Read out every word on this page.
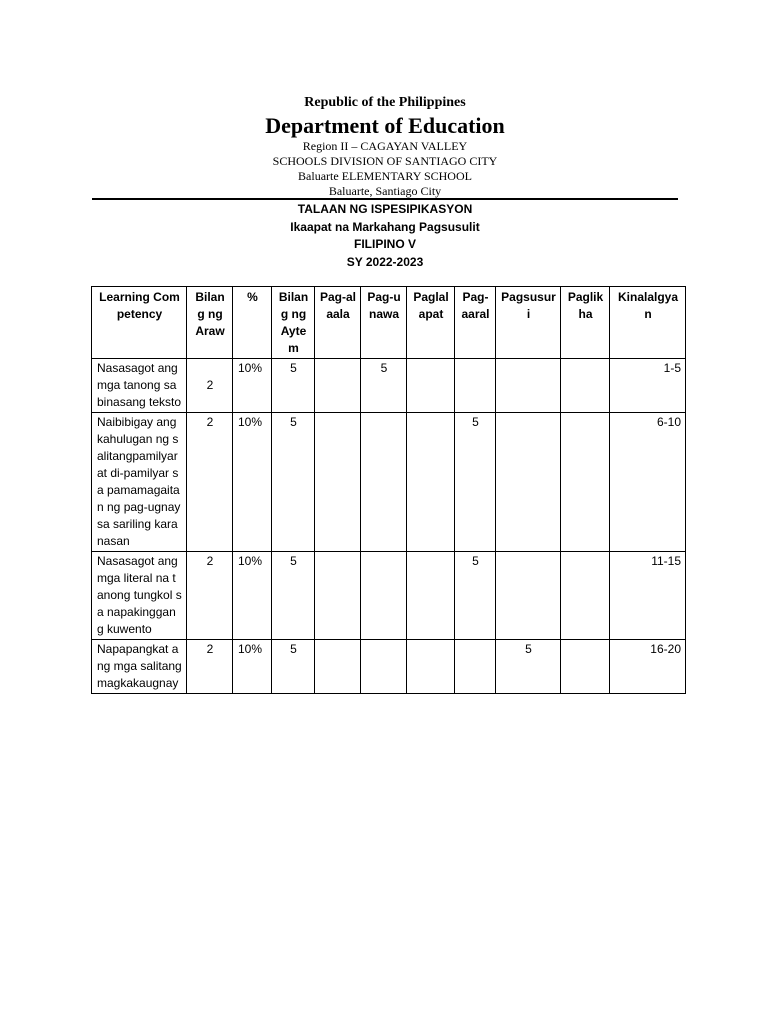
Republic of the Philippines
Department of Education
Region II – CAGAYAN VALLEY
SCHOOLS DIVISION OF SANTIAGO CITY
Baluarte ELEMENTARY SCHOOL
Baluarte, Santiago City
TALAAN NG ISPESIPIKASYON
Ikaapat na Markahang Pagsusulit
FILIPINO V
SY 2022-2023
Learning Competency	Bilang ng Araw	%	Bilang ng Aytem	Pag-alaala	Pag-unawa	Paglalapat	Pag-aaral	Pagsusuri	Paglikha	Kinalalgyan
Nasasagot ang mga tanong sa binasang teksto	2	10%	5		5					1-5
Naibibigay ang kahulugan ng salitangpamilyar at di-pamilyar sa pamamagaitan ng pag-ugnay sa sariling karanasan	2	10%	5				5			6-10
Nasasagot ang mga literal na tanong tungkol sa napakinggang kuwento	2	10%	5				5			11-15
Napapangkat ang mga salitang magkakaugnay	2	10%	5					5		16-20
